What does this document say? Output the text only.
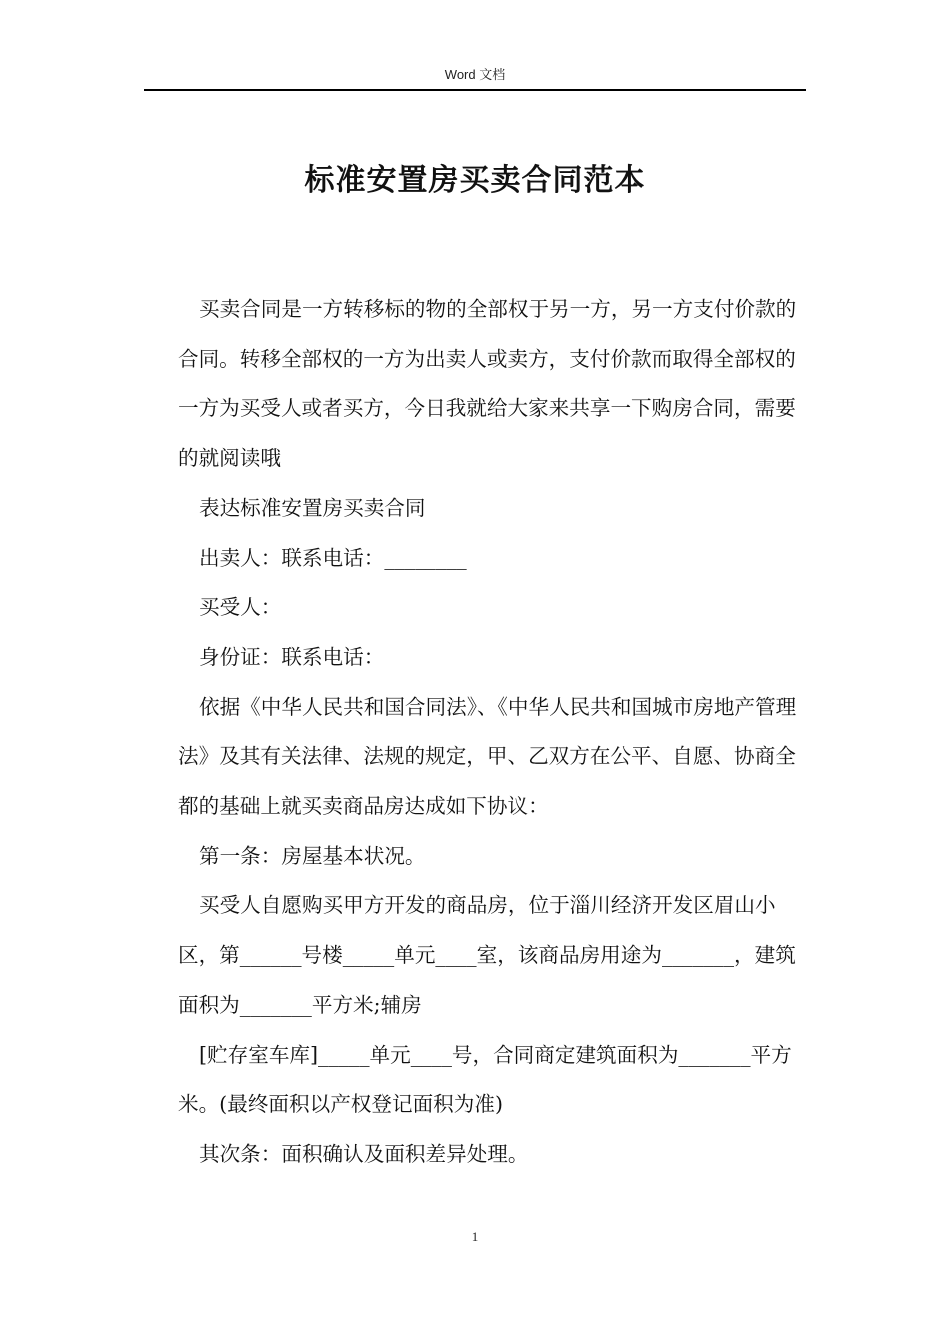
Word 文档
标准安置房买卖合同范本

买卖合同是一方转移标的物的全部权于另一方，另一方支付价款的合同。转移全部权的一方为出卖人或卖方，支付价款而取得全部权的一方为买受人或者买方，今日我就给大家来共享一下购房合同，需要的就阅读哦

表达标准安置房买卖合同

出卖人：联系电话：________

买受人：

身份证：联系电话：

依据《中华人民共和国合同法》、《中华人民共和国城市房地产管理法》及其有关法律、法规的规定，甲、乙双方在公平、自愿、协商全都的基础上就买卖商品房达成如下协议：

第一条：房屋基本状况。

买受人自愿购买甲方开发的商品房，位于淄川经济开发区眉山小区，第______号楼_____单元____室，该商品房用途为_______，建筑面积为_______平方米;辅房

[贮存室车库]_____单元____号，合同商定建筑面积为_______平方米。(最终面积以产权登记面积为准)

其次条：面积确认及面积差异处理。

1
